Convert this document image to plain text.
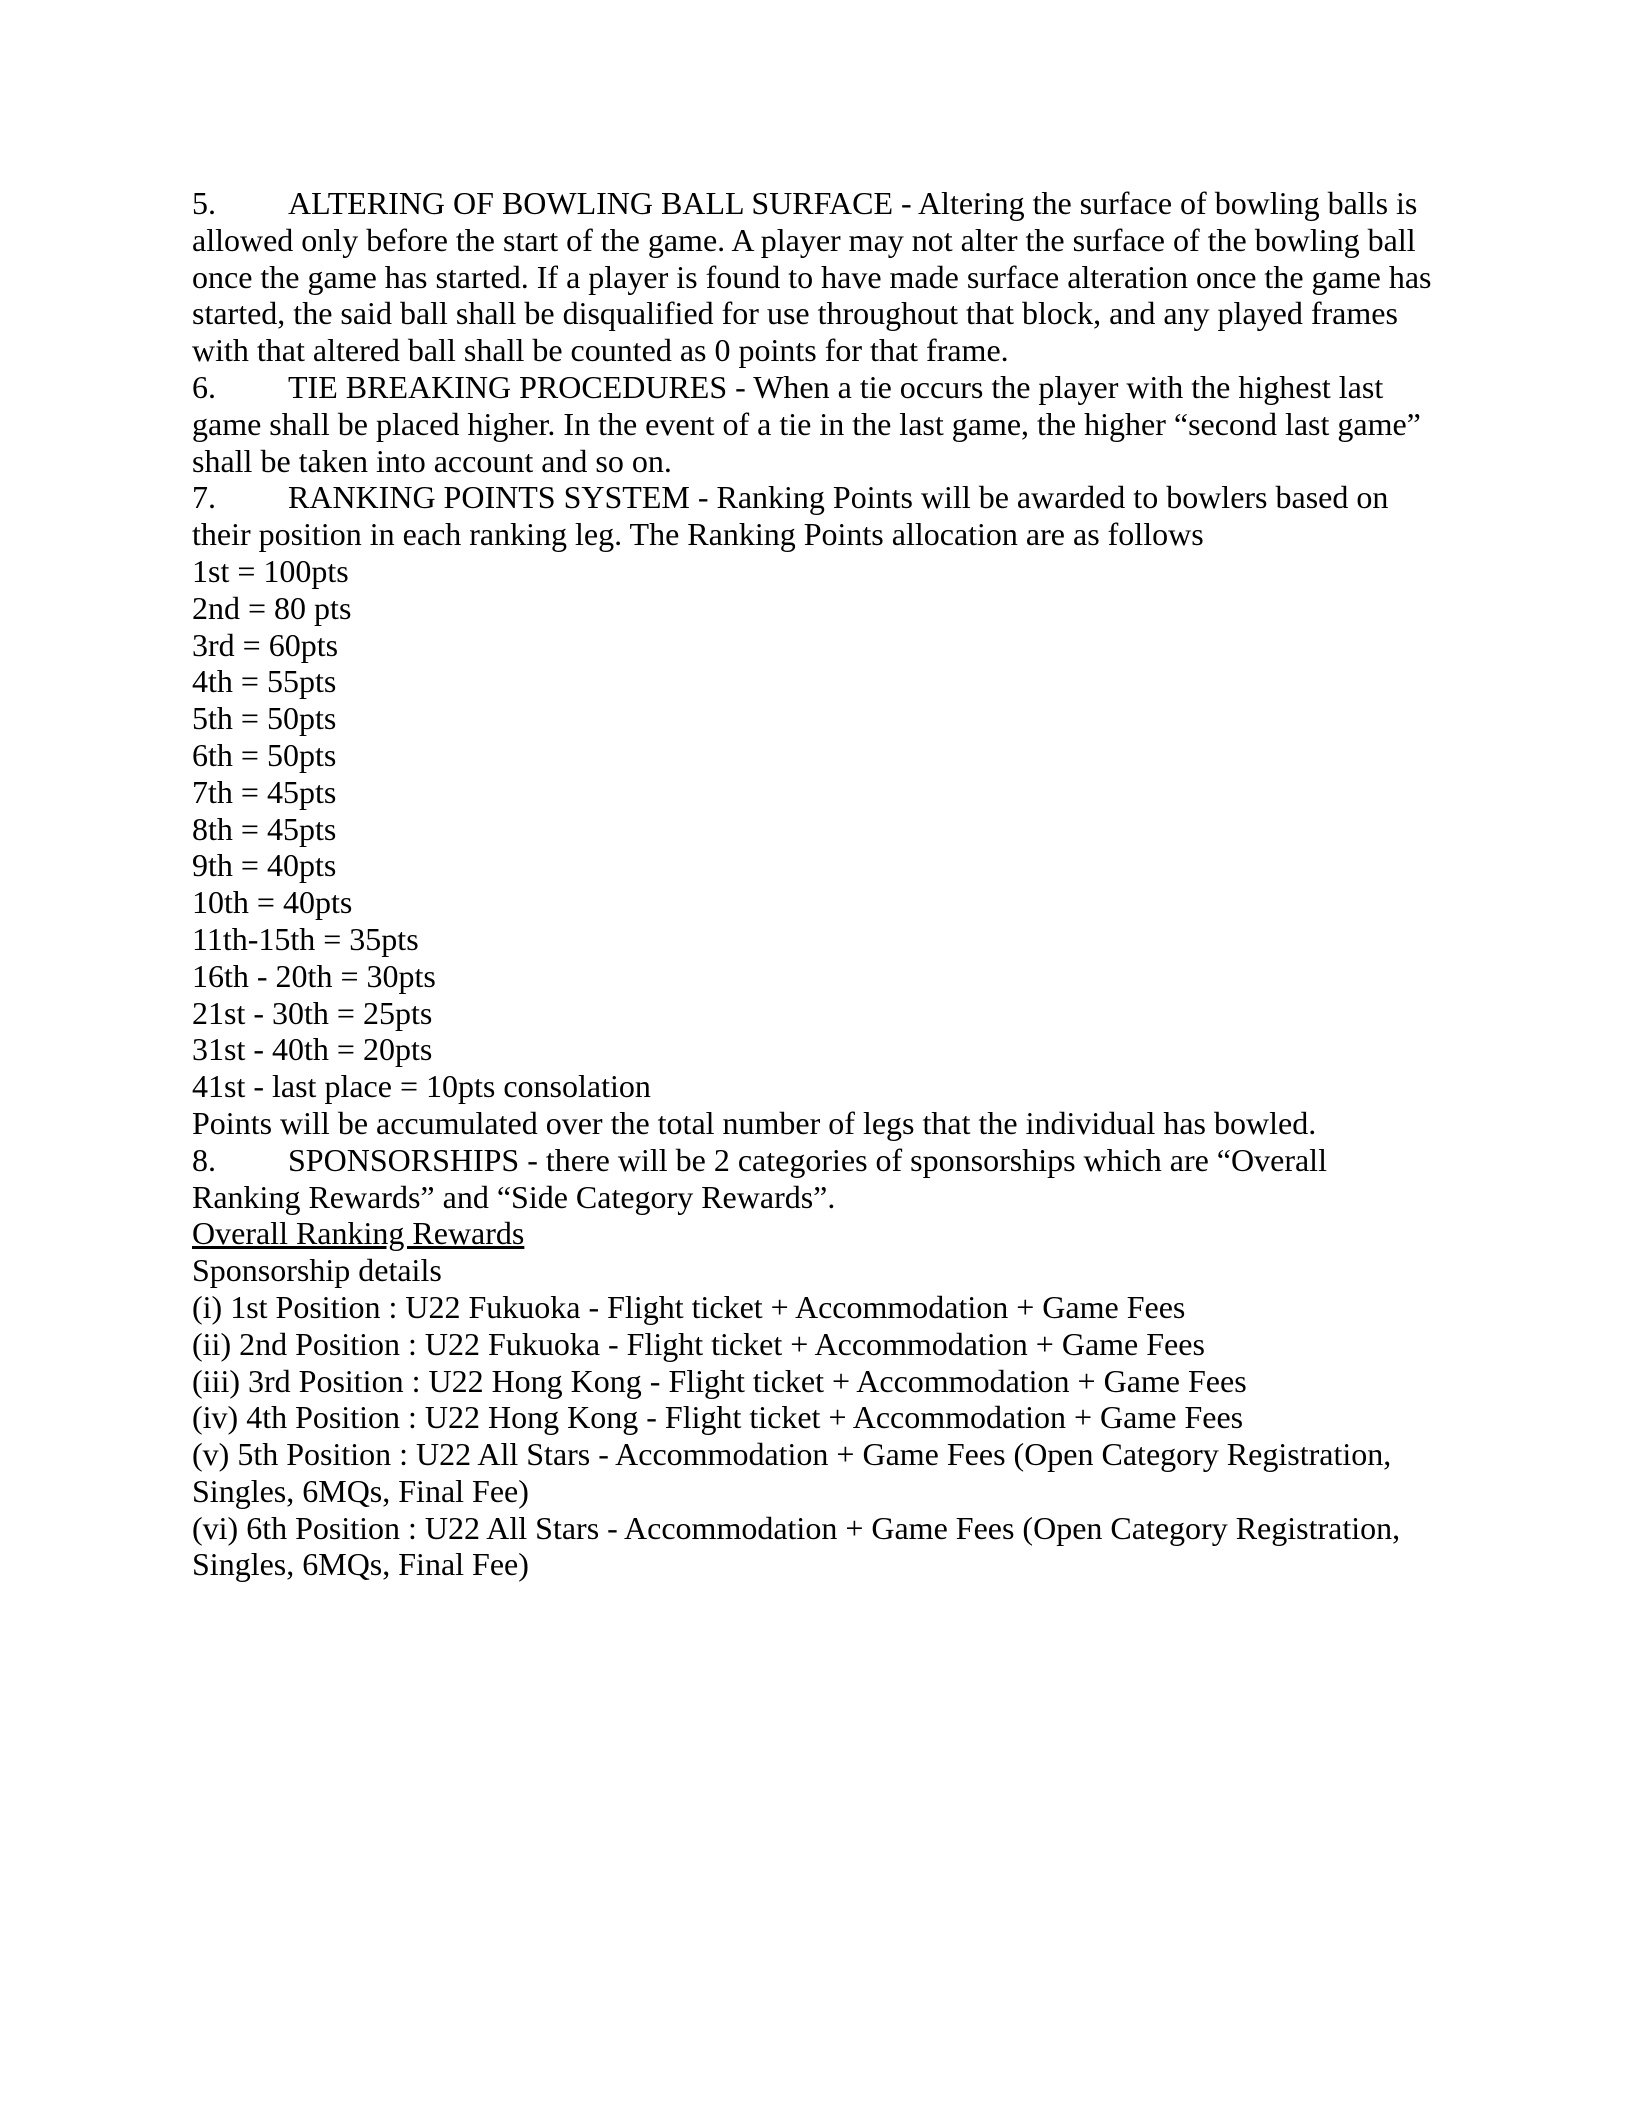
5. ALTERING OF BOWLING BALL SURFACE - Altering the surface of bowling balls is allowed only before the start of the game. A player may not alter the surface of the bowling ball once the game has started. If a player is found to have made surface alteration once the game has started, the said ball shall be disqualified for use throughout that block, and any played frames with that altered ball shall be counted as 0 points for that frame.

6. TIE BREAKING PROCEDURES - When a tie occurs the player with the highest last game shall be placed higher. In the event of a tie in the last game, the higher “second last game” shall be taken into account and so on.

7. RANKING POINTS SYSTEM - Ranking Points will be awarded to bowlers based on their position in each ranking leg. The Ranking Points allocation are as follows

1st = 100pts
2nd = 80 pts
3rd = 60pts
4th = 55pts
5th = 50pts
6th = 50pts
7th = 45pts
8th = 45pts
9th = 40pts
10th = 40pts
11th-15th = 35pts
16th - 20th = 30pts
21st - 30th = 25pts
31st - 40th = 20pts
41st - last place = 10pts consolation

Points will be accumulated over the total number of legs that the individual has bowled.

8. SPONSORSHIPS - there will be 2 categories of sponsorships which are “Overall Ranking Rewards” and “Side Category Rewards”.

Overall Ranking Rewards
Sponsorship details
(i) 1st Position : U22 Fukuoka - Flight ticket + Accommodation + Game Fees
(ii) 2nd Position : U22 Fukuoka - Flight ticket + Accommodation + Game Fees
(iii) 3rd Position : U22 Hong Kong - Flight ticket + Accommodation + Game Fees
(iv) 4th Position : U22 Hong Kong - Flight ticket + Accommodation + Game Fees
(v) 5th Position : U22 All Stars - Accommodation + Game Fees (Open Category Registration, Singles, 6MQs, Final Fee)
(vi) 6th Position : U22 All Stars - Accommodation + Game Fees (Open Category Registration, Singles, 6MQs, Final Fee)
